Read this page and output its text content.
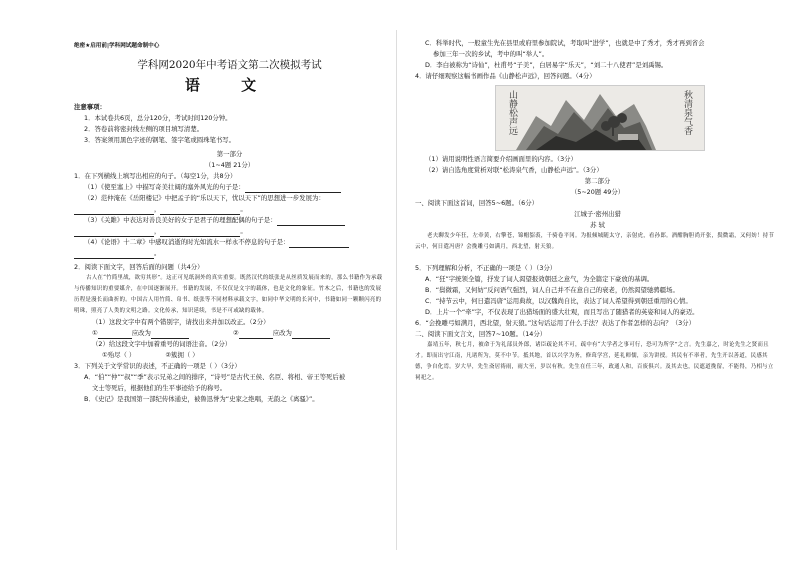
绝密★启用前|学科网试题命制中心
学科网2020年中考语文第二次模拟考试
语 文
注意事项：
1．本试卷共6页，总分120分，考试时间120分钟。
2．答卷前将密封线左侧的项目填写清楚。
3．答案须用黑色字迹的钢笔、签字笔或圆珠笔书写。
第一部分
（1~4题 21分）
1．在下列横线上填写出相应的句子。（每空1分，共8分）
（1）《使至塞上》中描写奇美壮阔的塞外风光的句子是：
（2）范仲淹在《岳阳楼记》中把孟子的“乐以天下，忧以天下”的思想进一步发展为：
，	。
（3）《关雎》中表达对善良美好的女子是君子的理想配偶的句子是：
，	。
（4）《论语》十二章》中感叹消逝的时光如流水一样永不停息的句子是：
。
2．阅读下面文字，回答后面的问题（共4分）
古人在“竹简里战，欲穷其形”。这正可见纸洞外的真实重要。既然汉代的纸张是从丝质发展而来的，那么书籍作为承载与传播知识的重要媒介，在中国逐渐展开。书籍的发展，不仅仅是文字的载体，也是文化的象征。竹木之后，书籍也的发展历程是漫长而曲折的。中国古人用竹简、帛书、纸张等不同材料承载文字，如同中华文明的长河中，书籍如同一颗颗闪亮的明珠，照亮了人类的文明之路。文化传承，知识延续，书是不可或缺的载体。
（1）这段文字中有两个错别字，请找出来并加以改正。（2分）
①	应改为	②	应改为
（2）给这段文字中加着重号的词语注音。（2分）
①殆尽（ ）	②簇拥（ ）
3．下列关于文学常识的表述，不正确的一项是（ ）（3分）
A．“伯”“仲”“叔”“季”表示兄弟之间的排序，“诗号”是古代王侯、名臣、将相、帝王等死后被
文士等死后，根据他们的生平事迹给予的称号。
B．《史记》是我国第一部纪传体通史，被鲁迅誉为“史家之绝唱，无韵之《离骚》”。
C．科举时代，一般童生先在县里或府里参加院试，考取叫“进学”，也就是中了秀才，秀才再到省会
参加三年一次的乡试，考中的叫“举人”。
D．李白被称为“诗仙”，杜甫号“子美”，白居易字“乐天”，“刘二十八使君”是刘禹锡。
4．请仔细观察这幅书画作品《山静松声远》，回答问题。（4分）
山静松声远	秋清泉气香
（1）请用说明性语言简要介绍画面里的内容。（3分）
（2）请自选角度赏析对联“松涛泉气香，山静松声远”。（3分）
第二部分
（5~20题 49分）
一、阅读下面这首词，回答5~6题。（6分）
江城子·密州出猎
苏 轼
老夫聊发少年狂，左牵黄，右擎苍，锦帽貂裘，千骑卷平冈。为报倾城随太守，亲射虎，看孙郎。酒酣胸胆尚开张，鬓微霜，又何妨！持节云中，何日遣冯唐？会挽雕弓如满月，西北望，射天狼。
5．下列理解和分析，不正确的一项是（ ）（3分）
A．“狂”字统领全篇，抒发了词人渴望报效朝廷之意气，为全篇定下豪放的基调。
B．“鬓微霜，又何妨”反问语气强烈，词人自己并不在意自己的衰老，仍然渴望驰骋疆场。
C．“持节云中，何日遣冯唐”运用典故，以汉魏尚自比，表达了词人希望得到朝廷重用的心情。
D．上片一个“牵”字，不仅表现了出猎场面的盛大壮观，而且写出了随猎者的英姿和词人的豪迈。
6．“会挽雕弓如满月，西北望，射天狼。”这句话运用了什么手法？表达了作者怎样的志向？（3分）
二、阅读下面文言文，回答7~10题。（14分）
嘉靖五年，秋七月，被命于为礼部员外郎，诸臣疏论其不可，疏中有“大学者之事可行，恐可为所学”之言。先生嘉之，时论先生之贤而且才。即而出守江南，凡诸所为，莫不中节。抵其地，首以兴学为务，修葺学宫，延礼师儒，亲为讲授。其民有不率者，先生开以善道，民感其德，争自化焉。岁大旱，先生斋居祷雨，雨大至，岁以有秋。先生在任三年，政通人和，百废俱兴。及其去也，民遮道挽留，不能得，乃相与立祠祀之。
